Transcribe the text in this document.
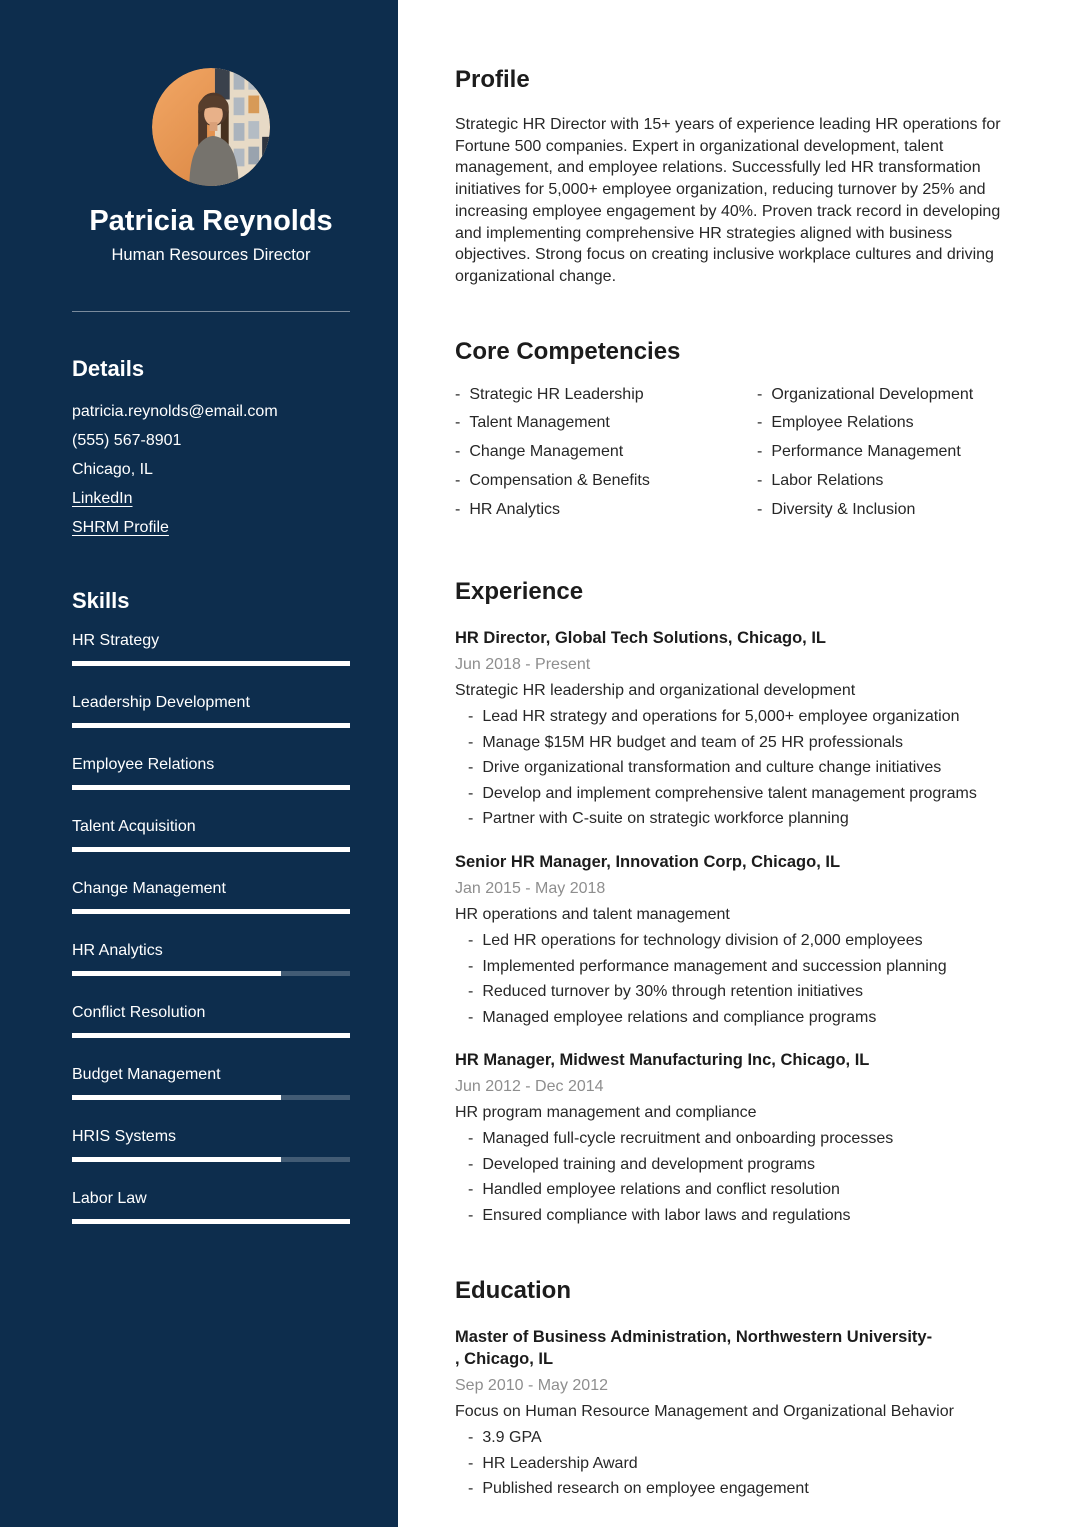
Patricia Reynolds
Human Resources Director
Details
patricia.reynolds@email.com
(555) 567-8901
Chicago, IL
LinkedIn
SHRM Profile
Skills
HR Strategy
Leadership Development
Employee Relations
Talent Acquisition
Change Management
HR Analytics
Conflict Resolution
Budget Management
HRIS Systems
Labor Law
Profile
Strategic HR Director with 15+ years of experience leading HR operations for Fortune 500 companies. Expert in organizational development, talent management, and employee relations. Successfully led HR transformation initiatives for 5,000+ employee organization, reducing turnover by 25% and increasing employee engagement by 40%. Proven track record in developing and implementing comprehensive HR strategies aligned with business objectives. Strong focus on creating inclusive workplace cultures and driving organizational change.
Core Competencies
- Strategic HR Leadership
- Talent Management
- Change Management
- Compensation & Benefits
- HR Analytics
- Organizational Development
- Employee Relations
- Performance Management
- Labor Relations
- Diversity & Inclusion
Experience
HR Director, Global Tech Solutions, Chicago, IL
Jun 2018 - Present
Strategic HR leadership and organizational development
- Lead HR strategy and operations for 5,000+ employee organization
- Manage $15M HR budget and team of 25 HR professionals
- Drive organizational transformation and culture change initiatives
- Develop and implement comprehensive talent management programs
- Partner with C-suite on strategic workforce planning
Senior HR Manager, Innovation Corp, Chicago, IL
Jan 2015 - May 2018
HR operations and talent management
- Led HR operations for technology division of 2,000 employees
- Implemented performance management and succession planning
- Reduced turnover by 30% through retention initiatives
- Managed employee relations and compliance programs
HR Manager, Midwest Manufacturing Inc, Chicago, IL
Jun 2012 - Dec 2014
HR program management and compliance
- Managed full-cycle recruitment and onboarding processes
- Developed training and development programs
- Handled employee relations and conflict resolution
- Ensured compliance with labor laws and regulations
Education
Master of Business Administration, Northwestern University-
, Chicago, IL
Sep 2010 - May 2012
Focus on Human Resource Management and Organizational Behavior
- 3.9 GPA
- HR Leadership Award
- Published research on employee engagement
